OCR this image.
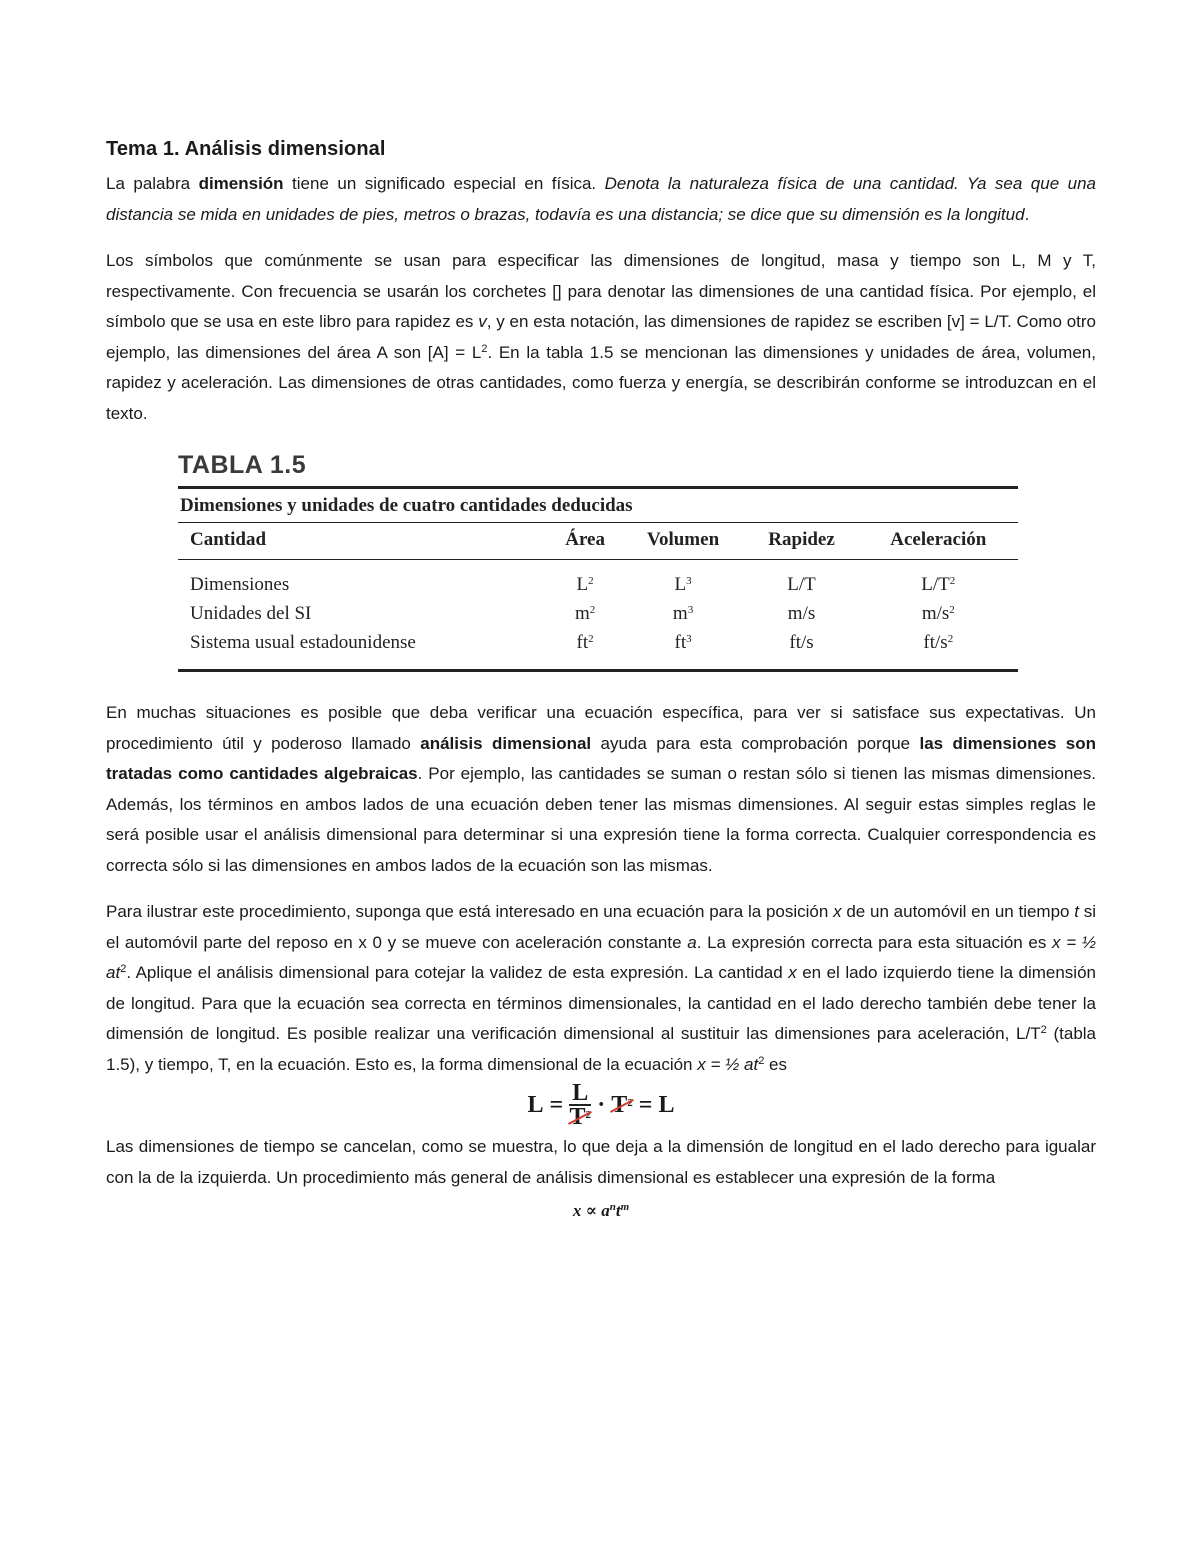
Tema 1. Análisis dimensional

La palabra dimensión tiene un significado especial en física. Denota la naturaleza física de una cantidad. Ya sea que una distancia se mida en unidades de pies, metros o brazas, todavía es una distancia; se dice que su dimensión es la longitud.

Los símbolos que comúnmente se usan para especificar las dimensiones de longitud, masa y tiempo son L, M y T, respectivamente. Con frecuencia se usarán los corchetes [] para denotar las dimensiones de una cantidad física. Por ejemplo, el símbolo que se usa en este libro para rapidez es v, y en esta notación, las dimensiones de rapidez se escriben [v] = L/T. Como otro ejemplo, las dimensiones del área A son $[A] = L^2$. En la tabla 1.5 se mencionan las dimensiones y unidades de área, volumen, rapidez y aceleración. Las dimensiones de otras cantidades, como fuerza y energía, se describirán conforme se introduzcan en el texto.

TABLA 1.5
Dimensiones y unidades de cuatro cantidades deducidas
Cantidad	Área	Volumen	Rapidez	Aceleración
Dimensiones	$L^2$	$L^3$	L/T	$L/T^2$
Unidades del SI	$m^2$	$m^3$	m/s	$m/s^2$
Sistema usual estadounidense	$ft^2$	$ft^3$	ft/s	$ft/s^2$

En muchas situaciones es posible que deba verificar una ecuación específica, para ver si satisface sus expectativas. Un procedimiento útil y poderoso llamado análisis dimensional ayuda para esta comprobación porque las dimensiones son tratadas como cantidades algebraicas. Por ejemplo, las cantidades se suman o restan sólo si tienen las mismas dimensiones. Además, los términos en ambos lados de una ecuación deben tener las mismas dimensiones. Al seguir estas simples reglas le será posible usar el análisis dimensional para determinar si una expresión tiene la forma correcta. Cualquier correspondencia es correcta sólo si las dimensiones en ambos lados de la ecuación son las mismas.

Para ilustrar este procedimiento, suponga que está interesado en una ecuación para la posición x de un automóvil en un tiempo t si el automóvil parte del reposo en x 0 y se mueve con aceleración constante a. La expresión correcta para esta situación es x = ½ $at^2$. Aplique el análisis dimensional para cotejar la validez de esta expresión. La cantidad x en el lado izquierdo tiene la dimensión de longitud. Para que la ecuación sea correcta en términos dimensionales, la cantidad en el lado derecho también debe tener la dimensión de longitud. Es posible realizar una verificación dimensional al sustituir las dimensiones para aceleración, $L/T^2$ (tabla 1.5), y tiempo, T, en la ecuación. Esto es, la forma dimensional de la ecuación x = ½ $at^2$ es

$L = \frac{L}{T^2} \cdot T^2 = L$

Las dimensiones de tiempo se cancelan, como se muestra, lo que deja a la dimensión de longitud en el lado derecho para igualar con la de la izquierda. Un procedimiento más general de análisis dimensional es establecer una expresión de la forma

$x \propto a^nt^m$
